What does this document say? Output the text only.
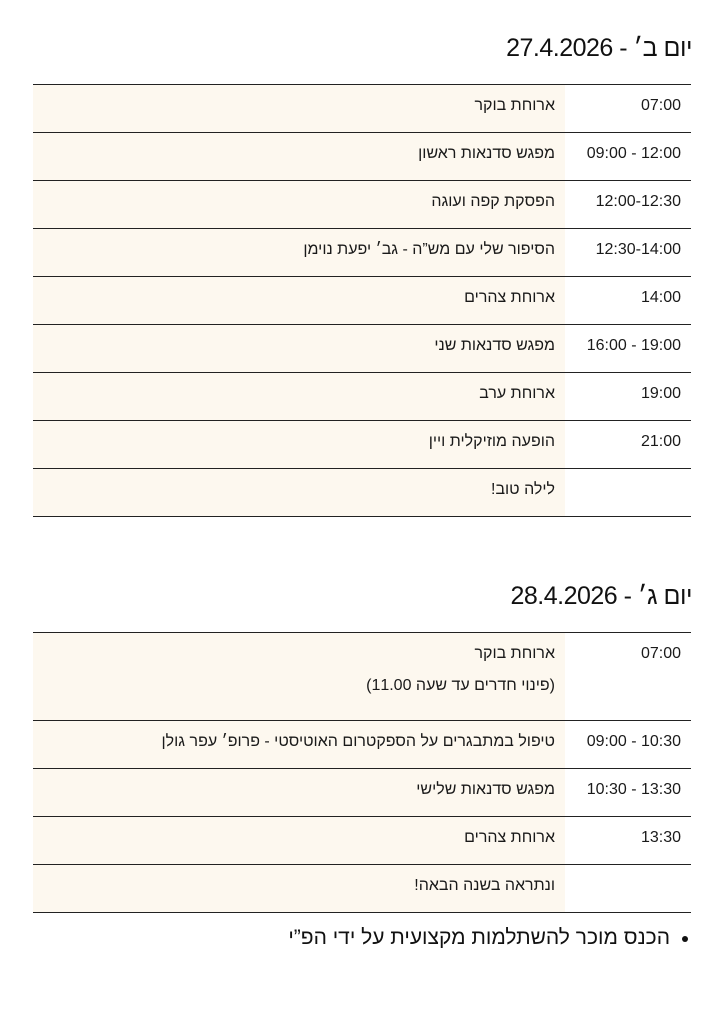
יום ב׳ - 27.4.2026
07:00	ארוחת בוקר
09:00 - 12:00	מפגש סדנאות ראשון
12:00-12:30	הפסקת קפה ועוגה
12:30-14:00	הסיפור שלי עם מש”ה - גב׳ יפעת נוימן
14:00	ארוחת צהרים
16:00 - 19:00	מפגש סדנאות שני
19:00	ארוחת ערב
21:00	הופעה מוזיקלית ויין
	לילה טוב!
יום ג׳ - 28.4.2026
07:00	ארוחת בוקר
(פינוי חדרים עד שעה 11.00)

09:00 - 10:30	טיפול במתבגרים על הספקטרום האוטיסטי - פרופ׳ עפר גולן
10:30 - 13:30	מפגש סדנאות שלישי
13:30	ארוחת צהרים
	ונתראה בשנה הבאה!
הכנס מוכר להשתלמות מקצועית על ידי הפ”י
